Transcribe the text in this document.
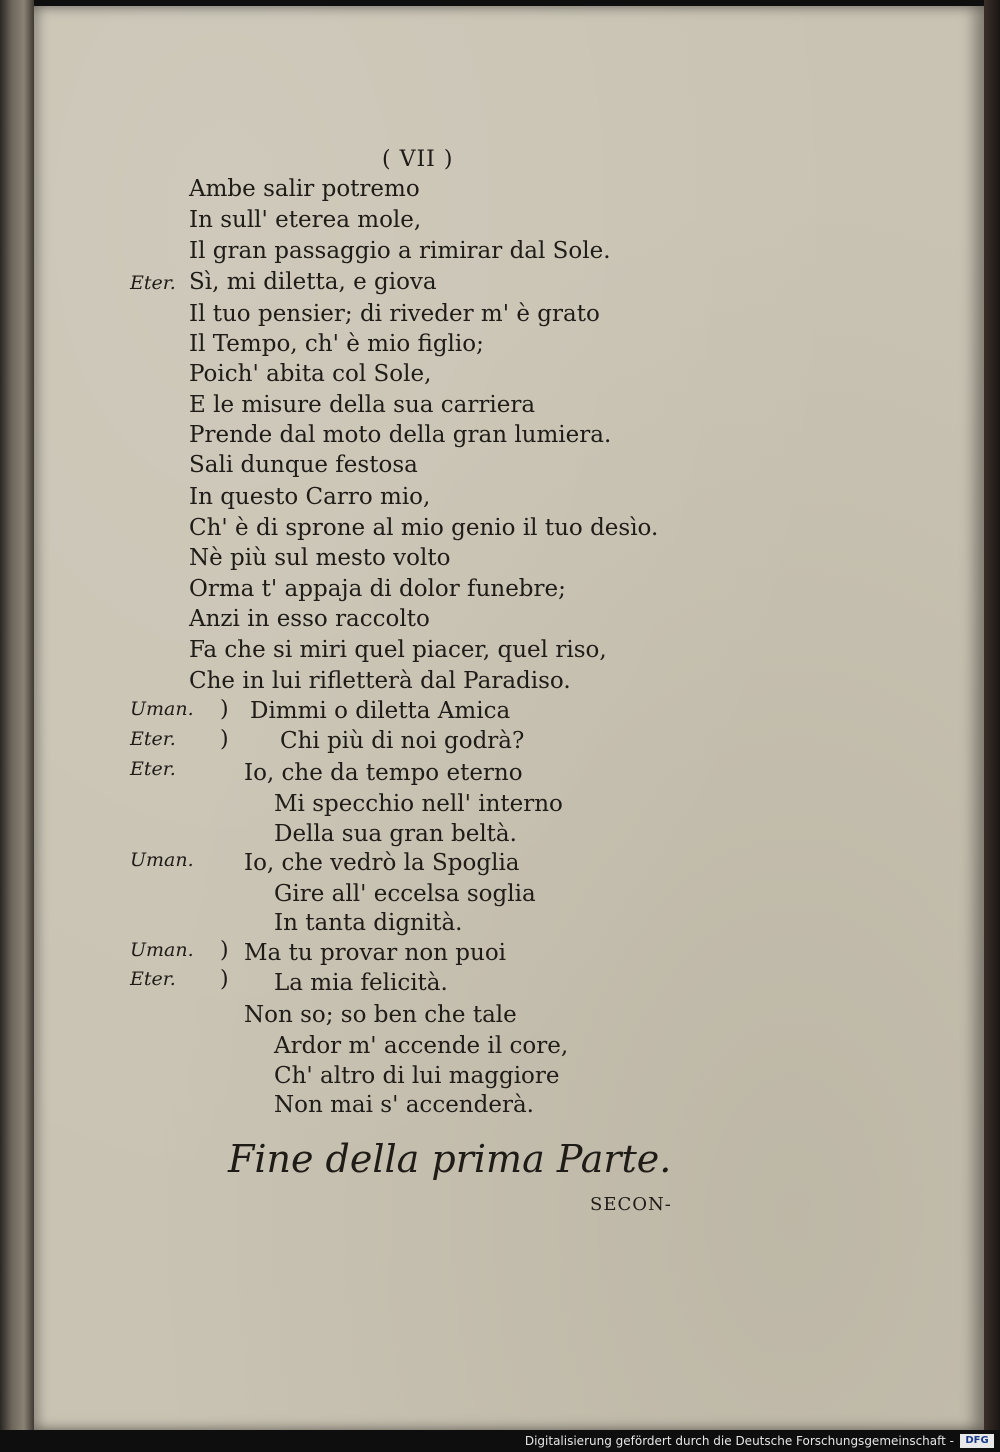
( VII )
Ambe salir potremo
In sull' eterea mole,
Il gran passaggio a rimirar dal Sole.
Eter. Sì, mi diletta, e giova
Il tuo pensier; di riveder m' è grato
Il Tempo, ch' è mio figlio;
Poich' abita col Sole,
E le misure della sua carriera
Prende dal moto della gran lumiera.
Sali dunque festosa
In questo Carro mio,
Ch' è di sprone al mio genio il tuo desìo.
Nè più sul mesto volto
Orma t' appaja di dolor funebre;
Anzi in esso raccolto
Fa che si miri quel piacer, quel riso,
Che in lui rifletterà dal Paradiso.
Uman. ) Dimmi o diletta Amica
Eter. ) Chi più di noi godrà?
Eter.	Io, che da tempo eterno
Mi specchio nell' interno
Della sua gran beltà.
Uman. Io, che vedrò la Spoglia
Gire all' eccelsa soglia
In tanta dignità.
Uman. ) Ma tu provar non puoi
Eter. ) La mia felicità.
Non so; so ben che tale
Ardor m' accende il core,
Ch' altro di lui maggiore
Non mai s' accenderà.
Fine della prima Parte.
SECON-
Digitalisierung gefördert durch die Deutsche Forschungsgemeinschaft -	DFG
